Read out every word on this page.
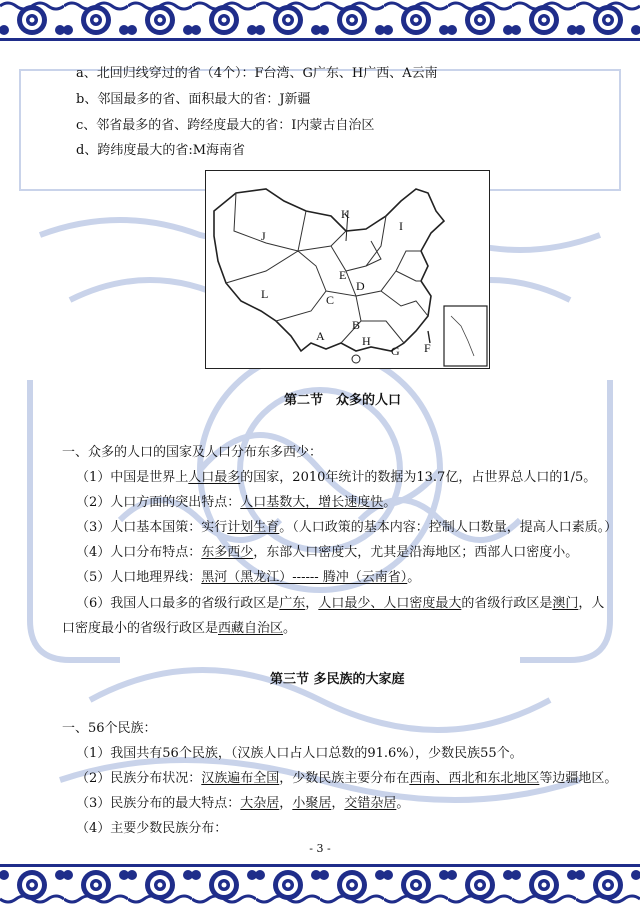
a、北回归线穿过的省（4个）：F台湾、G广东、H广西、A云南
b、邻国最多的省、面积最大的省：J新疆
c、邻省最多的省、跨经度最大的省：I内蒙古自治区
d、跨纬度最大的省:M海南省
K
I
J
E
D
L	C
B
A	H
G F
第二节　众多的人口
一、众多的人口的国家及人口分布东多西少：
（1）中国是世界上人口最多的国家，2010年统计的数据为13.7亿，占世界总人口的1/5。
（2）人口方面的突出特点：人口基数大，增长速度快。
（3）人口基本国策：实行计划生育。（人口政策的基本内容：控制人口数量，提高人口素质。）
（4）人口分布特点：东多西少，东部人口密度大，尤其是沿海地区；西部人口密度小。
（5）人口地理界线：黑河（黑龙江）------ 腾冲（云南省）。
（6）我国人口最多的省级行政区是广东，人口最少、人口密度最大的省级行政区是澳门，人
口密度最小的省级行政区是西藏自治区。
第三节 多民族的大家庭
一、56个民族：
（1）我国共有56个民族，（汉族人口占人口总数的91.6%），少数民族55个。
（2）民族分布状况：汉族遍布全国，少数民族主要分布在西南、西北和东北地区等边疆地区。
（3）民族分布的最大特点：大杂居，小聚居，交错杂居。
（4）主要少数民族分布：
- 3 -
